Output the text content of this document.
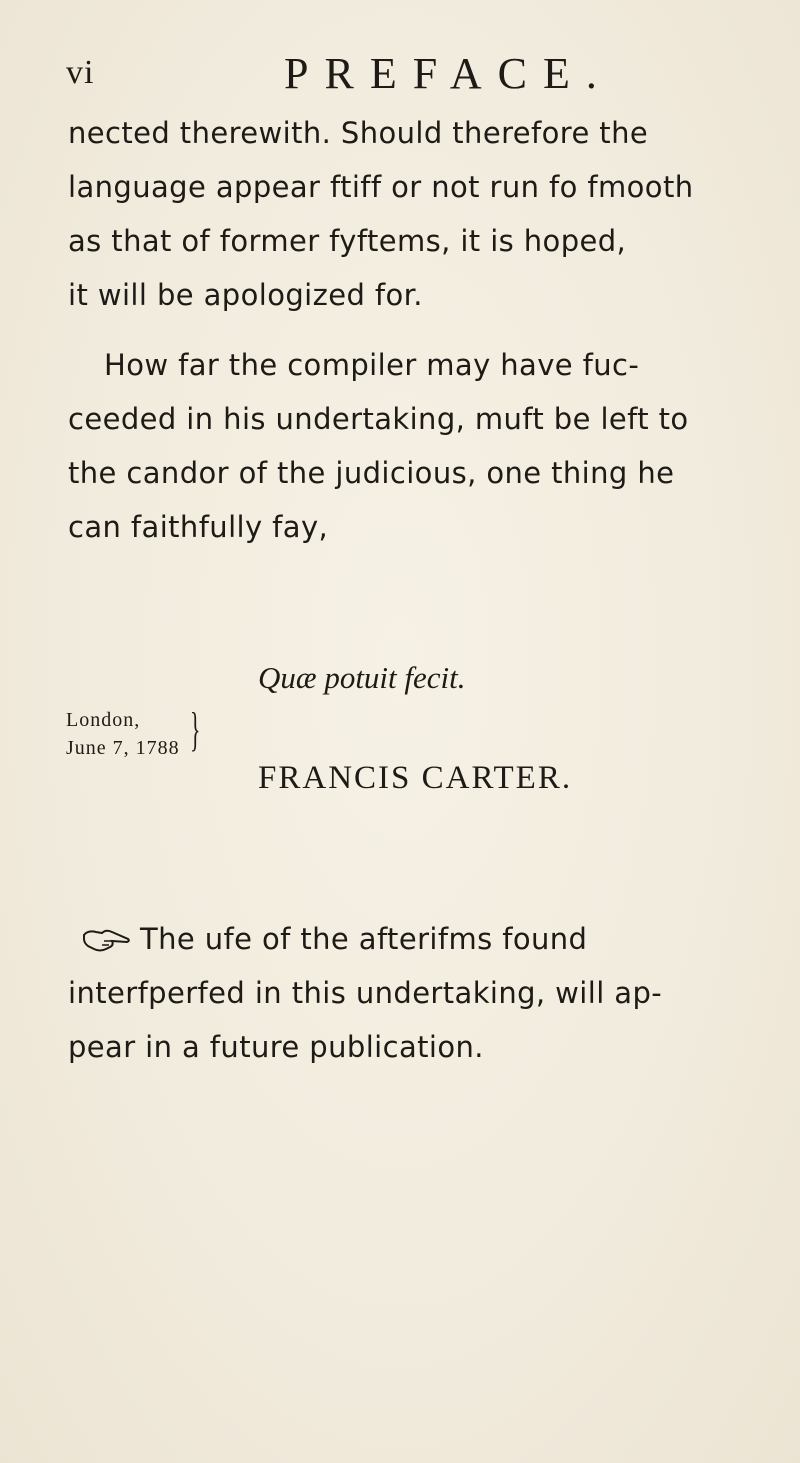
vi	PREFACE.
nected therewith. Should therefore the
language appear ftiff or not run fo fmooth
as that of former fyftems, it is hoped,
it will be apologized for.
How far the compiler may have fuc-
ceeded in his undertaking, muft be left to
the candor of the judicious, one thing he
can faithfully fay,
Quæ potuit fecit.
London,
June 7, 1788 }
FRANCIS CARTER.
The ufe of the afterifms found
interfperfed in this undertaking, will ap-
pear in a future publication.
